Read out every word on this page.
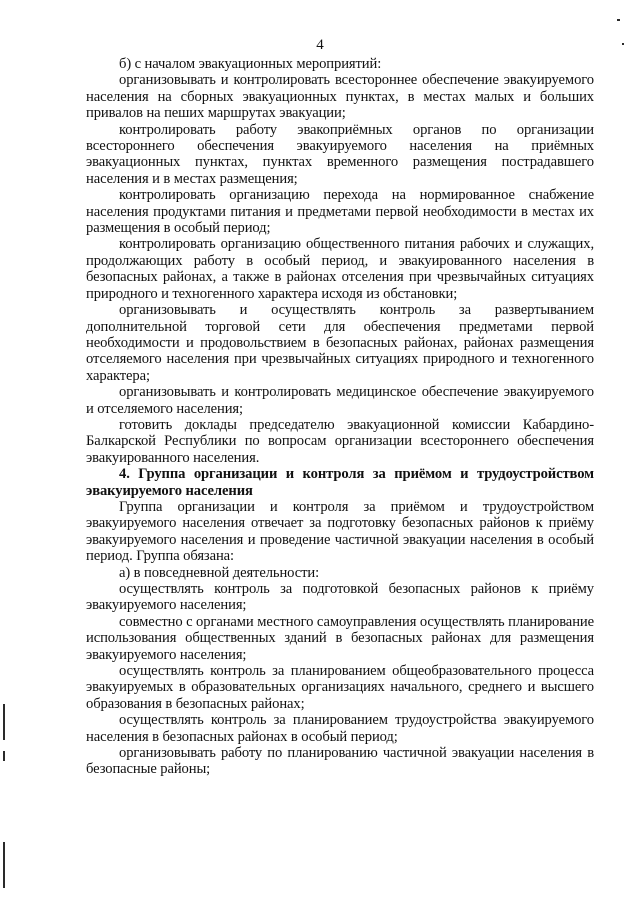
4

б) с началом эвакуационных мероприятий:

организовывать и контролировать всестороннее обеспечение эвакуируемого населения на сборных эвакуационных пунктах, в местах малых и больших привалов на пеших маршрутах эвакуации;

контролировать работу эвакоприёмных органов по организации всестороннего обеспечения эвакуируемого населения на приёмных эвакуационных пунктах, пунктах временного размещения пострадавшего населения и в местах размещения;

контролировать организацию перехода на нормированное снабжение населения продуктами питания и предметами первой необходимости в местах их размещения в особый период;

контролировать организацию общественного питания рабочих и служащих, продолжающих работу в особый период, и эвакуированного населения в безопасных районах, а также в районах отселения при чрезвычайных ситуациях природного и техногенного характера исходя из обстановки;

организовывать и осуществлять контроль за развертыванием дополнительной торговой сети для обеспечения предметами первой необходимости и продовольствием в безопасных районах, районах размещения отселяемого населения при чрезвычайных ситуациях природного и техногенного характера;

организовывать и контролировать медицинское обеспечение эвакуируемого и отселяемого населения;

готовить доклады председателю эвакуационной комиссии Кабардино-Балкарской Республики по вопросам организации всестороннего обеспечения эвакуированного населения.

4. Группа организации и контроля за приёмом и трудоустройством эвакуируемого населения

Группа организации и контроля за приёмом и трудоустройством эвакуируемого населения отвечает за подготовку безопасных районов к приёму эвакуируемого населения и проведение частичной эвакуации населения в особый период. Группа обязана:

а) в повседневной деятельности:

осуществлять контроль за подготовкой безопасных районов к приёму эвакуируемого населения;

совместно с органами местного самоуправления осуществлять планирование использования общественных зданий в безопасных районах для размещения эвакуируемого населения;

осуществлять контроль за планированием общеобразовательного процесса эвакуируемых в образовательных организациях начального, среднего и высшего образования в безопасных районах;

осуществлять контроль за планированием трудоустройства эвакуируемого населения в безопасных районах в особый период;

организовывать работу по планированию частичной эвакуации населения в безопасные районы;
